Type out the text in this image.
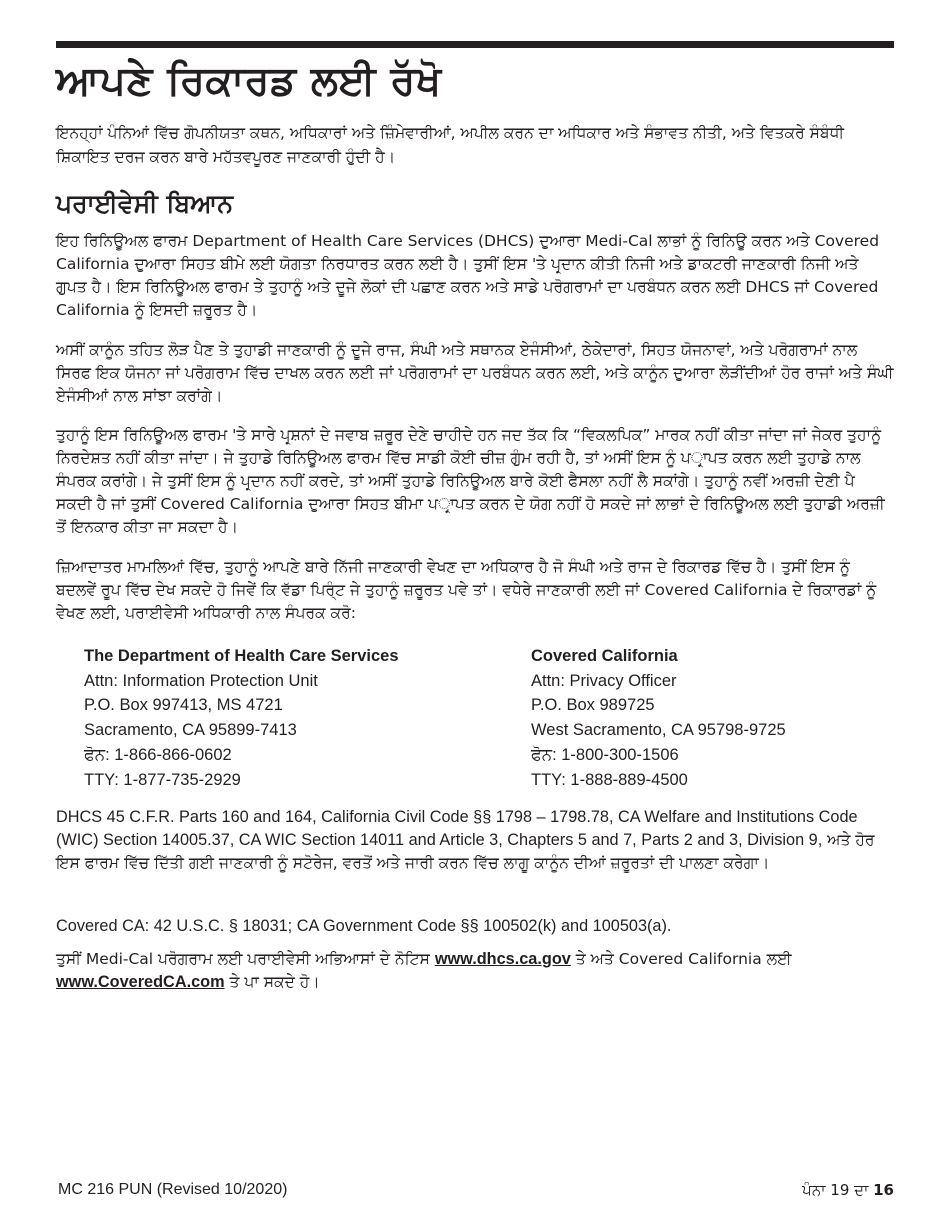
ਆਪਣੇ ਰਿਕਾਰਡ ਲਈ ਰੱਖੋ

ਇਨਹ੍ਹਾਂ ਪੰਨਿਆਂ ਵਿੱਚ ਗੋਪਨੀਯਤਾ ਕਥਨ, ਅਧਿਕਾਰਾਂ ਅਤੇ ਜ਼ਿੰਮੇਵਾਰੀਆਂ, ਅਪੀਲ ਕਰਨ ਦਾ ਅਧਿਕਾਰ ਅਤੇ ਸੰਭਾਵਤ ਨੀਤੀ, ਅਤੇ ਵਿਤਕਰੇ ਸੰਬੰਧੀ ਸ਼ਿਕਾਇਤ ਦਰਜ ਕਰਨ ਬਾਰੇ ਮਹੱਤਵਪੂਰਣ ਜਾਣਕਾਰੀ ਹੁੰਦੀ ਹੈ।

ਪਰਾਈਵੇਸੀ ਬਿਆਨ

ਇਹ ਰਿਨਿਊਅਲ ਫਾਰਮ Department of Health Care Services (DHCS) ਦੁਆਰਾ Medi-Cal ਲਾਭਾਂ ਨੂੰ ਰਿਨਿਊ ਕਰਨ ਅਤੇ Covered California ਦੁਆਰਾ ਸਿਹਤ ਬੀਮੇ ਲਈ ਯੋਗਤਾ ਨਿਰਧਾਰਤ ਕਰਨ ਲਈ ਹੈ। ਤੁਸੀਂ ਇਸ 'ਤੇ ਪਰ੍ਦਾਨ ਕੀਤੀ ਨਿਜੀ ਅਤੇ ਡਾਕਟਰੀ ਜਾਣਕਾਰੀ ਨਿਜੀ ਅਤੇ ਗੁਪਤ ਹੈ। ਇਸ ਰਿਨਿਊਅਲ ਫਾਰਮ ਤੇ ਤੁਹਾਨੂੰ ਅਤੇ ਦੂਜੇ ਲੋਕਾਂ ਦੀ ਪਛਾਣ ਕਰਨ ਅਤੇ ਸਾਡੇ ਪਰੋਗਰਾਮਾਂ ਦਾ ਪਰਬੰਧਨ ਕਰਨ ਲਈ DHCS ਜਾਂ Covered California ਨੂੰ ਇਸਦੀ ਜ਼ਰੂਰਤ ਹੈ।

ਅਸੀਂ ਕਾਨੂੰਨ ਤਹਿਤ ਲੋੜ ਪੈਣ ਤੇ ਤੁਹਾਡੀ ਜਾਣਕਾਰੀ ਨੂੰ ਦੂਜੇ ਰਾਜ, ਸੰਘੀ ਅਤੇ ਸਥਾਨਕ ਏਜੰਸੀਆਂ, ਠੇਕੇਦਾਰਾਂ, ਸਿਹਤ ਯੋਜਨਾਵਾਂ, ਅਤੇ ਪਰੋਗਰਾਮਾਂ ਨਾਲ ਸਿਰਫ ਇਕ ਯੋਜਨਾ ਜਾਂ ਪਰੋਗਰਾਮ ਵਿੱਚ ਦਾਖਲ ਕਰਨ ਲਈ ਜਾਂ ਪਰੋਗਰਾਮਾਂ ਦਾ ਪਰਬੰਧਨ ਕਰਨ ਲਈ, ਅਤੇ ਕਾਨੂੰਨ ਦੁਆਰਾ ਲੋੜੀਂਦੀਆਂ ਹੋਰ ਰਾਜਾਂ ਅਤੇ ਸੰਘੀ ਏਜੰਸੀਆਂ ਨਾਲ ਸਾਂਝਾ ਕਰਾਂਗੇ।

ਤੁਹਾਨੂੰ ਇਸ ਰਿਨਿਊਅਲ ਫਾਰਮ 'ਤੇ ਸਾਰੇ ਪਰ੍ਸ਼ਨਾਂ ਦੇ ਜਵਾਬ ਜ਼ਰੂਰ ਦੇਣੇ ਚਾਹੀਦੇ ਹਨ ਜਦ ਤੱਕ ਕਿ “ਵਿਕਲਪਿਕ” ਮਾਰਕ ਨਹੀਂ ਕੀਤਾ ਜਾਂਦਾ ਜਾਂ ਜੇਕਰ ਤੁਹਾਨੂੰ ਨਿਰਦੇਸ਼ਤ ਨਹੀਂ ਕੀਤਾ ਜਾਂਦਾ। ਜੇ ਤੁਹਾਡੇ ਰਿਨਿਊਅਲ ਫਾਰਮ ਵਿੱਚ ਸਾਡੀ ਕੋਈ ਚੀਜ਼ ਗੁੰਮ ਰਹੀ ਹੈ, ਤਾਂ ਅਸੀਂ ਇਸ ਨੂੰ ਪਰ੍ਾਪਤ ਕਰਨ ਲਈ ਤੁਹਾਡੇ ਨਾਲ ਸੰਪਰਕ ਕਰਾਂਗੇ। ਜੇ ਤੁਸੀਂ ਇਸ ਨੂੰ ਪਰ੍ਦਾਨ ਨਹੀਂ ਕਰਦੇ, ਤਾਂ ਅਸੀਂ ਤੁਹਾਡੇ ਰਿਨਿਊਅਲ ਬਾਰੇ ਕੋਈ ਫੈਸਲਾ ਨਹੀਂ ਲੈ ਸਕਾਂਗੇ। ਤੁਹਾਨੂੰ ਨਵੀਂ ਅਰਜ਼ੀ ਦੇਣੀ ਪੈ ਸਕਦੀ ਹੈ ਜਾਂ ਤੁਸੀਂ Covered California ਦੁਆਰਾ ਸਿਹਤ ਬੀਮਾ ਪਰ੍ਾਪਤ ਕਰਨ ਦੇ ਯੋਗ ਨਹੀਂ ਹੋ ਸਕਦੇ ਜਾਂ ਲਾਭਾਂ ਦੇ ਰਿਨਿਊਅਲ ਲਈ ਤੁਹਾਡੀ ਅਰਜ਼ੀ ਤੋਂ ਇਨਕਾਰ ਕੀਤਾ ਜਾ ਸਕਦਾ ਹੈ।

ਜ਼ਿਆਦਾਤਰ ਮਾਮਲਿਆਂ ਵਿੱਚ, ਤੁਹਾਨੂੰ ਆਪਣੇ ਬਾਰੇ ਨਿੱਜੀ ਜਾਣਕਾਰੀ ਵੇਖਣ ਦਾ ਅਧਿਕਾਰ ਹੈ ਜੋ ਸੰਘੀ ਅਤੇ ਰਾਜ ਦੇ ਰਿਕਾਰਡ ਵਿੱਚ ਹੈ। ਤੁਸੀਂ ਇਸ ਨੂੰ ਬਦਲਵੇਂ ਰੂਪ ਵਿੱਚ ਦੇਖ ਸਕਦੇ ਹੋ ਜਿਵੇਂ ਕਿ ਵੱਡਾ ਪਿਰ੍ੰਟ ਜੇ ਤੁਹਾਨੂੰ ਜ਼ਰੂਰਤ ਪਵੇ ਤਾਂ। ਵਧੇਰੇ ਜਾਣਕਾਰੀ ਲਈ ਜਾਂ Covered California ਦੇ ਰਿਕਾਰਡਾਂ ਨੂੰ ਵੇਖਣ ਲਈ, ਪਰਾਈਵੇਸੀ ਅਧਿਕਾਰੀ ਨਾਲ ਸੰਪਰਕ ਕਰੋ:

The Department of Health Care Services
Attn: Information Protection Unit
P.O. Box 997413, MS 4721
Sacramento, CA 95899-7413
ਫੋਨ: 1-866-866-0602
TTY: 1-877-735-2929
Covered California
Attn: Privacy Officer
P.O. Box 989725
West Sacramento, CA 95798-9725
ਫੋਨ: 1-800-300-1506
TTY: 1-888-889-4500

DHCS 45 C.F.R. Parts 160 and 164, California Civil Code §§ 1798 – 1798.78, CA Welfare and Institutions Code (WIC) Section 14005.37, CA WIC Section 14011 and Article 3, Chapters 5 and 7, Parts 2 and 3, Division 9, ਅਤੇ ਹੋਰ ਇਸ ਫਾਰਮ ਵਿੱਚ ਦਿੱਤੀ ਗਈ ਜਾਣਕਾਰੀ ਨੂੰ ਸਟੋਰੇਜ, ਵਰਤੋਂ ਅਤੇ ਜਾਰੀ ਕਰਨ ਵਿੱਚ ਲਾਗੂ ਕਾਨੂੰਨ ਦੀਆਂ ਜ਼ਰੂਰਤਾਂ ਦੀ ਪਾਲਣਾ ਕਰੇਗਾ।

Covered CA: 42 U.S.C. § 18031; CA Government Code §§ 100502(k) and 100503(a).

ਤੁਸੀਂ Medi-Cal ਪਰੋਗਰਾਮ ਲਈ ਪਰਾਈਵੇਸੀ ਅਭਿਆਸਾਂ ਦੇ ਨੋਟਿਸ www.dhcs.ca.gov ਤੇ ਅਤੇ Covered California ਲਈ www.CoveredCA.com ਤੇ ਪਾ ਸਕਦੇ ਹੋ।

MC 216 PUN (Revised 10/2020)	ਪੰਨਾ 19 ਦਾ 16
